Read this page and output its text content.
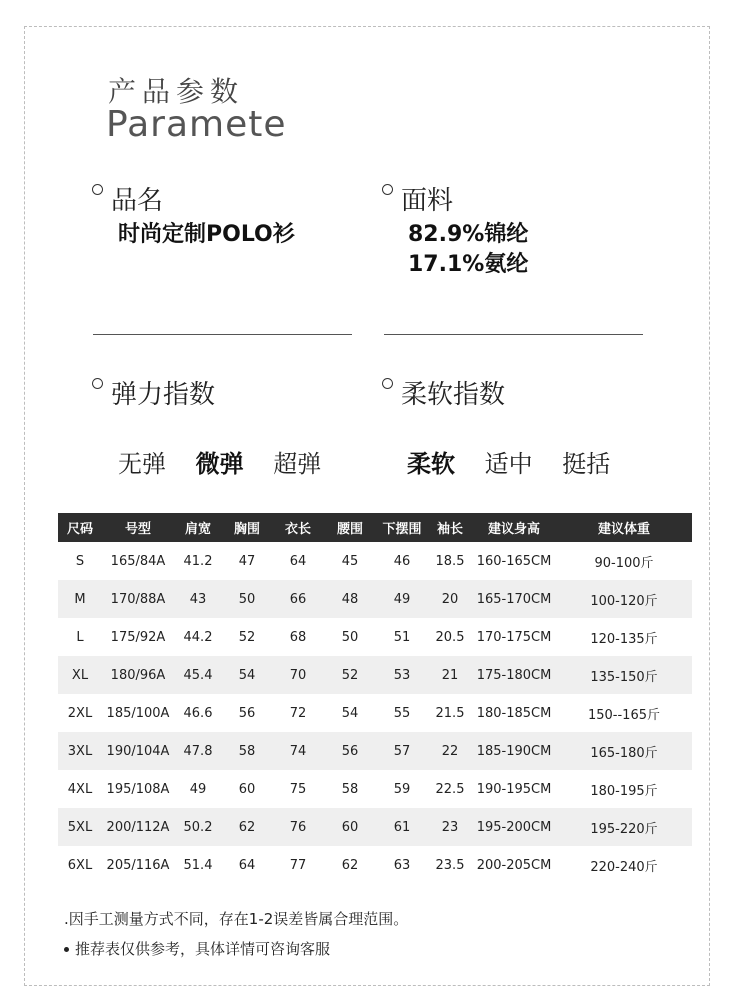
产品参数
Paramete
品名
时尚定制POLO衫
面料
82.9%锦纶
17.1%氨纶
弹力指数
无弹 微弹 超弹
柔软指数
柔软 适中 挺括
尺码	号型	肩宽	胸围	衣长	腰围	下摆围	袖长	建议身高	建议体重
S	165/84A	41.2	47	64	45	46	18.5	160-165CM	90-100斤
M	170/88A	43	50	66	48	49	20	165-170CM	100-120斤
L	175/92A	44.2	52	68	50	51	20.5	170-175CM	120-135斤
XL	180/96A	45.4	54	70	52	53	21	175-180CM	135-150斤
2XL	185/100A	46.6	56	72	54	55	21.5	180-185CM	150--165斤
3XL	190/104A	47.8	58	74	56	57	22	185-190CM	165-180斤
4XL	195/108A	49	60	75	58	59	22.5	190-195CM	180-195斤
5XL	200/112A	50.2	62	76	60	61	23	195-200CM	195-220斤
6XL	205/116A	51.4	64	77	62	63	23.5	200-205CM	220-240斤
.因手工测量方式不同，存在1-2误差皆属合理范围。
推荐表仅供参考，具体详情可咨询客服
